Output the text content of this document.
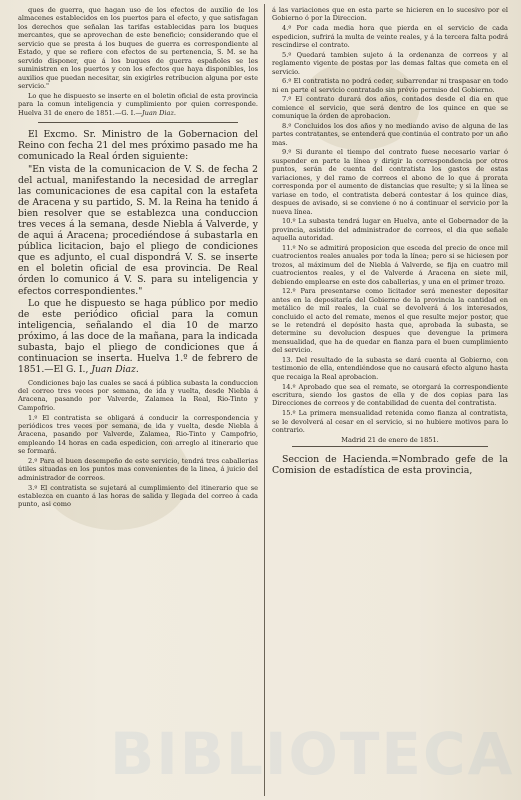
ques de guerra, que hagan uso de los efectos de auxilio de los almacenes establecidos en los puertos para el efecto, y que satisfagan los derechos que señalan las tarifas establecidas para los buques mercantes, que se aprovechan de este beneficio; considerando que el servicio que se presta á los buques de guerra es correspondiente al Estado, y que se refiere con efectos de su pertenencia, S. M. se ha servido disponer, que á los buques de guerra españoles se les suministren en los puertos y con los efectos que haya disponibles, los auxilios que puedan necesitar, sin exigirles retribucion alguna por este servicio."

Lo que he dispuesto se inserte en el boletin oficial de esta provincia para la comun inteligencia y cumplimiento por quien corresponde. Huelva 31 de enero de 1851.—G. I.—Juan Diaz.

El Excmo. Sr. Ministro de la Gobernacion del Reino con fecha 21 del mes próximo pasado me ha comunicado la Real órden siguiente:

"En vista de la comunicacion de V. S. de fecha 2 del actual, manifestando la necesidad de arreglar las comunicaciones de esa capital con la estafeta de Aracena y su partido, S. M. la Reina ha tenido á bien resolver que se establezca una conduccion tres veces á la semana, desde Niebla á Valverde, y de aqui á Aracena; procediéndose á subastarla en pública licitacion, bajo el pliego de condiciones que es adjunto, el cual dispondrá V. S. se inserte en el boletin oficial de esa provincia. De Real órden lo comunico á V. S. para su inteligencia y efectos correspondientes."

Lo que he dispuesto se haga público por medio de este periódico oficial para la comun inteligencia, señalando el dia 10 de marzo próximo, á las doce de la mañana, para la indicada subasta, bajo el pliego de condiciones que á continuacion se inserta. Huelva 1.º de febrero de 1851.—El G. I., Juan Diaz.

Condiciones bajo las cuales se sacá á pública subasta la conduccion del correo tres veces por semana, de ida y vuelta, desde Niebla á Aracena, pasando por Valverde, Zalamea la Real, Rio-Tinto y Campofrio.

1.º El contratista se obligará á conducir la correspondencia y periódicos tres veces por semana, de ida y vuelta, desde Niebla á Aracena, pasando por Valverde, Zalamea, Rio-Tinto y Campofrio, empleando 14 horas en cada espedicion, con arreglo al itinerario que se formará.

2.º Para el buen desempeño de este servicio, tendrá tres caballerias útiles situadas en los puntos mas convenientes de la linea, á juicio del administrador de correos.

3.º El contratista se sujetará al cumplimiento del itinerario que se establezca en cuanto á las horas de salida y llegada del correo á cada punto, asi como

á las variaciones que en esta parte se hicieren en lo sucesivo por el Gobierno ó por la Direccion.

4.º Por cada media hora que pierda en el servicio de cada espedicion, sufrirá la multa de veinte reales, y á la tercera falta podrá rescindirse el contrato.

5.º Quedará tambien sujeto á la ordenanza de correos y al reglamento vigente de postas por las demas faltas que cometa en el servicio.

6.º El contratista no podrá ceder, subarrendar ni traspasar en todo ni en parte el servicio contratado sin prévio permiso del Gobierno.

7.º El contrato durará dos años, contados desde el dia en que comience el servicio, que será dentro de los quince en que se comunique la órden de aprobacion.

8.º Concluidos los dos años y no mediando aviso de alguna de las partes contratantes, se entenderá que continúa el contrato por un año mas.

9.º Si durante el tiempo del contrato fuese necesario variar ó suspender en parte la línea y dirigir la correspondencia por otros puntos, serán de cuenta del contratista los gastos de estas variaciones, y del ramo de correos el abono de lo que á prorata corresponda por el aumento de distancias que resulte; y si la línea se variase en todo, el contratista deberá contestar á los quince dias, despues de avisado, si se conviene ó no á continuar el servicio por la nueva línea.

10.º La subasta tendrá lugar en Huelva, ante el Gobernador de la provincia, asistido del administrador de correos, el dia que señale aquella autoridad.

11.º No se admitirá proposicion que esceda del precio de once mil cuatrocientos reales anuales por toda la línea; pero si se hiciesen por trozos, al máximum del de Niebla á Valverde, se fija en cuatro mil cuatrocientos reales, y el de Valverde á Aracena en siete mil, debiendo emplearse en este dos caballerias, y una en el primer trozo.

12.º Para presentarse como licitador será menester depositar antes en la depositaría del Gobierno de la provincia la cantidad en metálico de mil reales, la cual se devolverá á los interesados, concluido el acto del remate, menos el que resulte mejor postor, que se le retendrá el depósito hasta que, aprobada la subasta, se determine su devolucion despues que devengue la primera mensualidad, que ha de quedar en fianza para el buen cumplimiento del servicio.

13. Del resultado de la subasta se dará cuenta al Gobierno, con testimonio de ella, entendiéndose que no causará efecto alguno hasta que recaiga la Real aprobacion.

14.º Aprobado que sea el remate, se otorgará la correspondiente escritura, siendo los gastos de ella y de dos copias para las Direcciones de correos y de contabilidad de cuenta del contratista.

15.º La primera mensualidad retenida como fianza al contratista, se le devolverá al cesar en el servicio, si no hubiere motivos para lo contrario.

Madrid 21 de enero de 1851.

Seccion de Hacienda.=Nombrado gefe de la Comision de estadística de esta provincia,

BIBLIOTECA
